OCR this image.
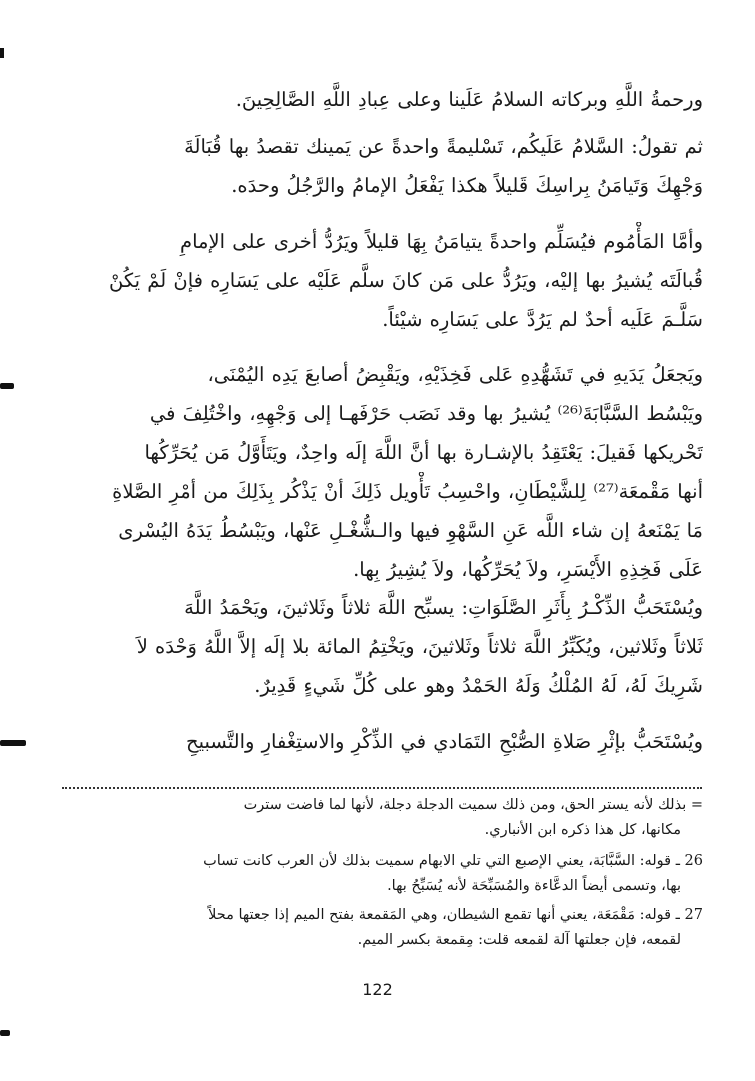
ورحمةُ اللَّهِ وبركاته السلامُ عَلَينا وعلى عِبادِ اللَّهِ الصَّالِحِينَ.
ثم تقولُ: السَّلامُ عَلَيكُم، تَسْليمةً واحدةً عن يَمينك تقصدُ بها قُبَالَةَ
وَجْهِكَ وَتَيامَنُ بِراسِكَ قَليلاً هكذا يَفْعَلُ الإمامُ والرَّجُلُ وحدَه.
وأمَّا المَأْمُوم فيُسَلِّم واحدةً يتيامَنُ بِهَا قليلاً ويَرُدُّ أخرى على الإمامِ
قُبالَتَه يُشيرُ بها إليْه، ويَرُدُّ على مَن كانَ سلَّم عَلَيْه على يَسَارِه فإنْ لَمْ يَكُنْ
سَلَّـمَ عَلَيه أحدٌ لم يَرُدَّ على يَسَارِه شيْئاً.
ويَجعَلُ يَدَيهِ في تَشَهُّدِهِ عَلى فَخِذَيْهِ، ويَقْبِضُ أصابعَ يَدِه اليُمْنَى،
ويَبْسُط السَّبَّابَةَ⁽²⁶⁾ يُشيرُ بها وقد نَصَب حَرْفَهـا إلى وَجْهِهِ، واخْتُلِفَ في
تَحْريكها فَقيلَ: يَعْتَقِدُ بالإشـارة بها أنَّ اللَّهَ إلَه واحِدٌ، ويَتَأَوَّلُ مَن يُحَرِّكُها
أنها مَقْمعَة⁽²⁷⁾ لِلشَّيْطَانِ، واحْسِبُ تَأْويل ذَلِكَ أنْ يَذْكُر بِذَلِكَ من أمْرِ الصَّلاةِ
مَا يَمْنَعهُ إن شاء اللَّه عَنِ السَّهْوِ فيها والـشُّغْـلِ عَنْها، ويَبْسُطُ يَدَهُ اليُسْرى
عَلَى فَخِذِهِ الأَيْسَرِ، ولاَ يُحَرِّكُها، ولاَ يُشِيرُ بِها.
ويُسْتَحَبُّ الذِّكْـرُ بِأَثَرِ الصَّلَوَاتِ: يسبِّح اللَّهَ ثلاثاً وثَلاثينَ، ويَحْمَدُ اللَّهَ
ثَلاثاً وثَلاثين، ويُكَبِّرُ اللَّهَ ثلاثاً وثَلاثينَ، ويَخْتِمُ المائة بلا إلَه إلاَّ اللَّهُ وَحْدَه لاَ
شَرِيكَ لَهُ، لَهُ المُلْكُ وَلَهُ الحَمْدُ وهو على كُلِّ شَيءٍ قَدِيرٌ.
ويُسْتَحَبُّ بإثْرِ صَلاةِ الصُّبْحِ التَمَادي في الذِّكْرِ والاستِغْفارِ والتَّسبيحِ
= بذلك لأنه يستر الحق، ومن ذلك سميت الدجلة دجلة، لأنها لما فاضت سترت
مكانها، كل هذا ذكره ابن الأنباري.
26 ـ قوله: السَّبَّابَة، يعني الإصبع التي تلي الابهام سميت بذلك لأن العرب كانت تساب
بها، وتسمى أيضاً الدعَّاءة والمُسَبِّحَة لأنه يُسَبِّحُ بها.
27 ـ قوله: مَقْمَعَة، يعني أنها تقمع الشيطان، وهي المَقمعة بفتح الميم إذا جعتها محلاً
لقمعه، فإن جعلتها آلة لقمعه قلت: مِقمعة بكسر الميم.
122
